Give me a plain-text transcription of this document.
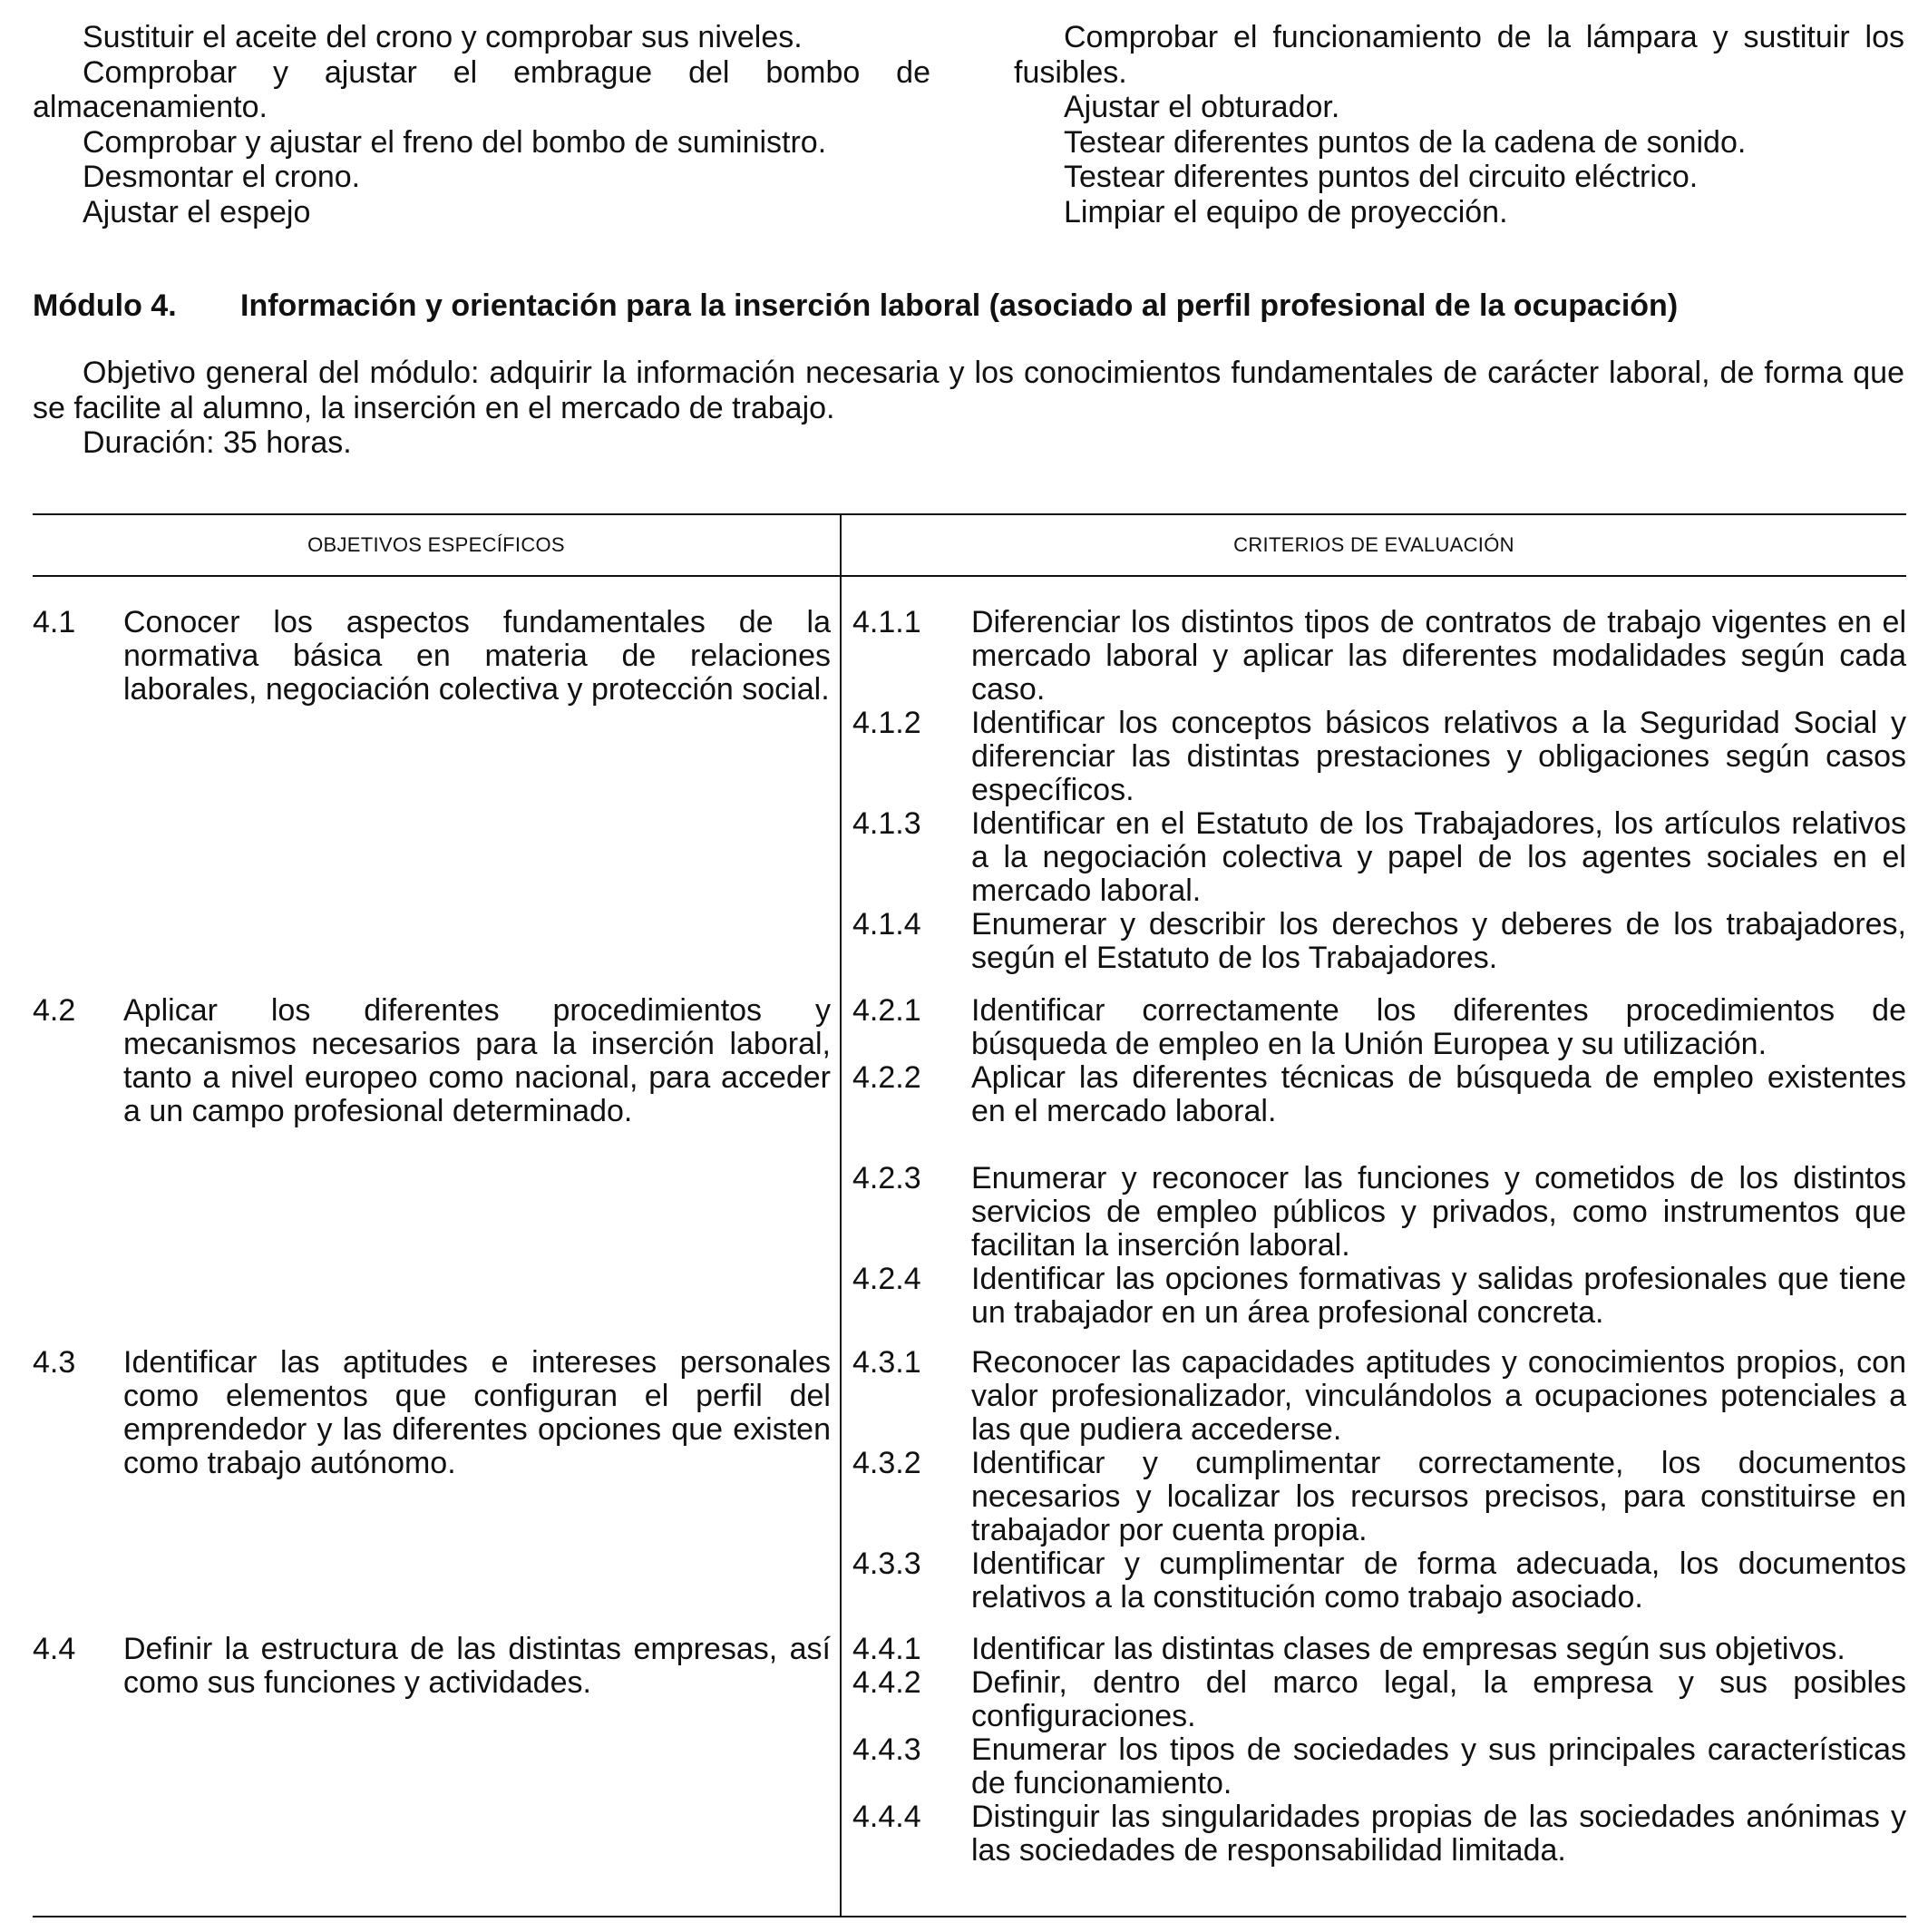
Sustituir el aceite del crono y comprobar sus niveles.

Comprobar y ajustar el embrague del bombo de almacenamiento.

Comprobar y ajustar el freno del bombo de suministro.

Desmontar el crono.

Ajustar el espejo

Comprobar el funcionamiento de la lámpara y sustituir los fusibles.

Ajustar el obturador.

Testear diferentes puntos de la cadena de sonido.

Testear diferentes puntos del circuito eléctrico.

Limpiar el equipo de proyección.

Módulo 4. Información y orientación para la inserción laboral (asociado al perfil profesional de la ocupación)

Objetivo general del módulo: adquirir la información necesaria y los conocimientos fundamentales de carácter laboral, de forma que se facilite al alumno, la inserción en el mercado de trabajo.

Duración: 35 horas.

OBJETIVOS ESPECÍFICOS	CRITERIOS DE EVALUACIÓN
4.1 Conocer los aspectos fundamentales de la normativa básica en materia de relaciones laborales, negociación colectiva y protección social.
4.2 Aplicar los diferentes procedimientos y mecanismos necesarios para la inserción laboral, tanto a nivel europeo como nacional, para acceder a un campo profesional determinado.
4.3 Identificar las aptitudes e intereses personales como elementos que configuran el perfil del emprendedor y las diferentes opciones que existen como trabajo autónomo.
4.4 Definir la estructura de las distintas empresas, así como sus funciones y actividades.
4.1.1 Diferenciar los distintos tipos de contratos de trabajo vigentes en el mercado laboral y aplicar las diferentes modalidades según cada caso.
4.1.2 Identificar los conceptos básicos relativos a la Seguridad Social y diferenciar las distintas prestaciones y obligaciones según casos específicos.
4.1.3 Identificar en el Estatuto de los Trabajadores, los artículos relativos a la negociación colectiva y papel de los agentes sociales en el mercado laboral.
4.1.4 Enumerar y describir los derechos y deberes de los trabajadores, según el Estatuto de los Trabajadores.
4.2.1 Identificar correctamente los diferentes procedimientos de búsqueda de empleo en la Unión Europea y su utilización.
4.2.2 Aplicar las diferentes técnicas de búsqueda de empleo existentes en el mercado laboral.
4.2.3 Enumerar y reconocer las funciones y cometidos de los distintos servicios de empleo públicos y privados, como instrumentos que facilitan la inserción laboral.
4.2.4 Identificar las opciones formativas y salidas profesionales que tiene un trabajador en un área profesional concreta.
4.3.1 Reconocer las capacidades aptitudes y conocimientos propios, con valor profesionalizador, vinculándolos a ocupaciones potenciales a las que pudiera accederse.
4.3.2 Identificar y cumplimentar correctamente, los documentos necesarios y localizar los recursos precisos, para constituirse en trabajador por cuenta propia.
4.3.3 Identificar y cumplimentar de forma adecuada, los documentos relativos a la constitución como trabajo asociado.
4.4.1 Identificar las distintas clases de empresas según sus objetivos.
4.4.2 Definir, dentro del marco legal, la empresa y sus posibles configuraciones.
4.4.3 Enumerar los tipos de sociedades y sus principales características de funcionamiento.
4.4.4 Distinguir las singularidades propias de las sociedades anónimas y las sociedades de responsabilidad limitada.
